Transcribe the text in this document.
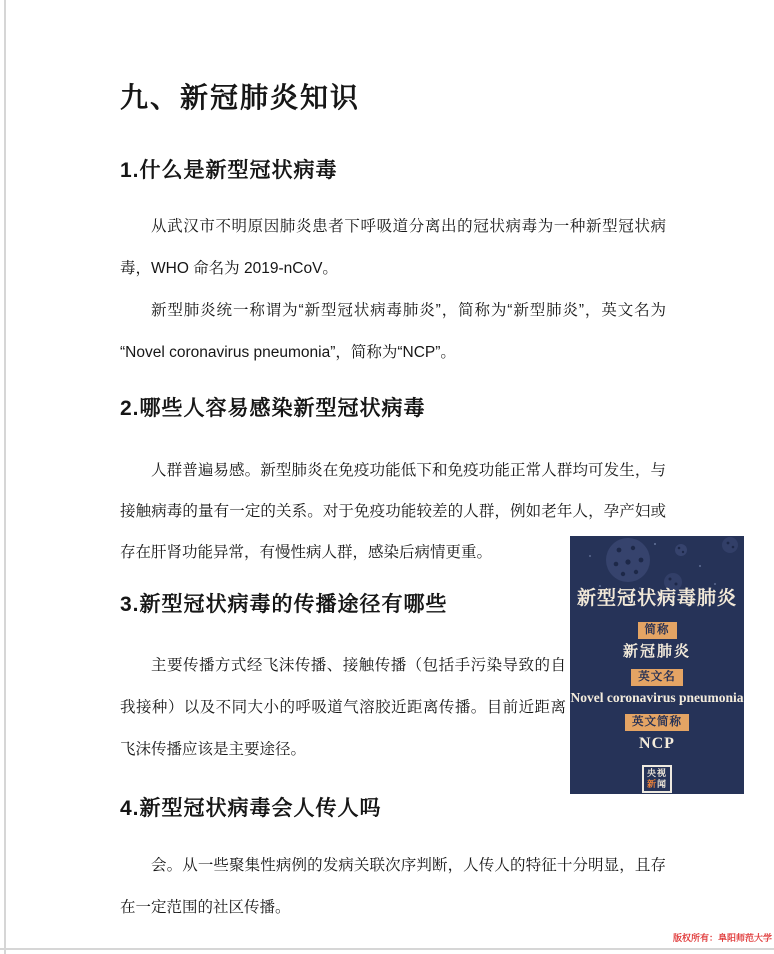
九、新冠肺炎知识
1.什么是新型冠状病毒
从武汉市不明原因肺炎患者下呼吸道分离出的冠状病毒为一种新型冠状病
毒，WHO 命名为 2019-nCoV。
新型肺炎统一称谓为“新型冠状病毒肺炎”，简称为“新型肺炎”，英文名为
“Novel coronavirus pneumonia”，简称为“NCP”。
2.哪些人容易感染新型冠状病毒
人群普遍易感。新型肺炎在免疫功能低下和免疫功能正常人群均可发生，与
接触病毒的量有一定的关系。对于免疫功能较差的人群，例如老年人，孕产妇或
存在肝肾功能异常，有慢性病人群，感染后病情更重。
3.新型冠状病毒的传播途径有哪些
主要传播方式经飞沫传播、接触传播（包括手污染导致的自
我接种）以及不同大小的呼吸道气溶胶近距离传播。目前近距离
飞沫传播应该是主要途径。
4.新型冠状病毒会人传人吗
会。从一些聚集性病例的发病关联次序判断，人传人的特征十分明显，且存
在一定范围的社区传播。
新型冠状病毒肺炎
简称
新冠肺炎
英文名
Novel coronavirus pneumonia
英文简称
NCP
央视
新闻
版权所有：阜阳师范大学
